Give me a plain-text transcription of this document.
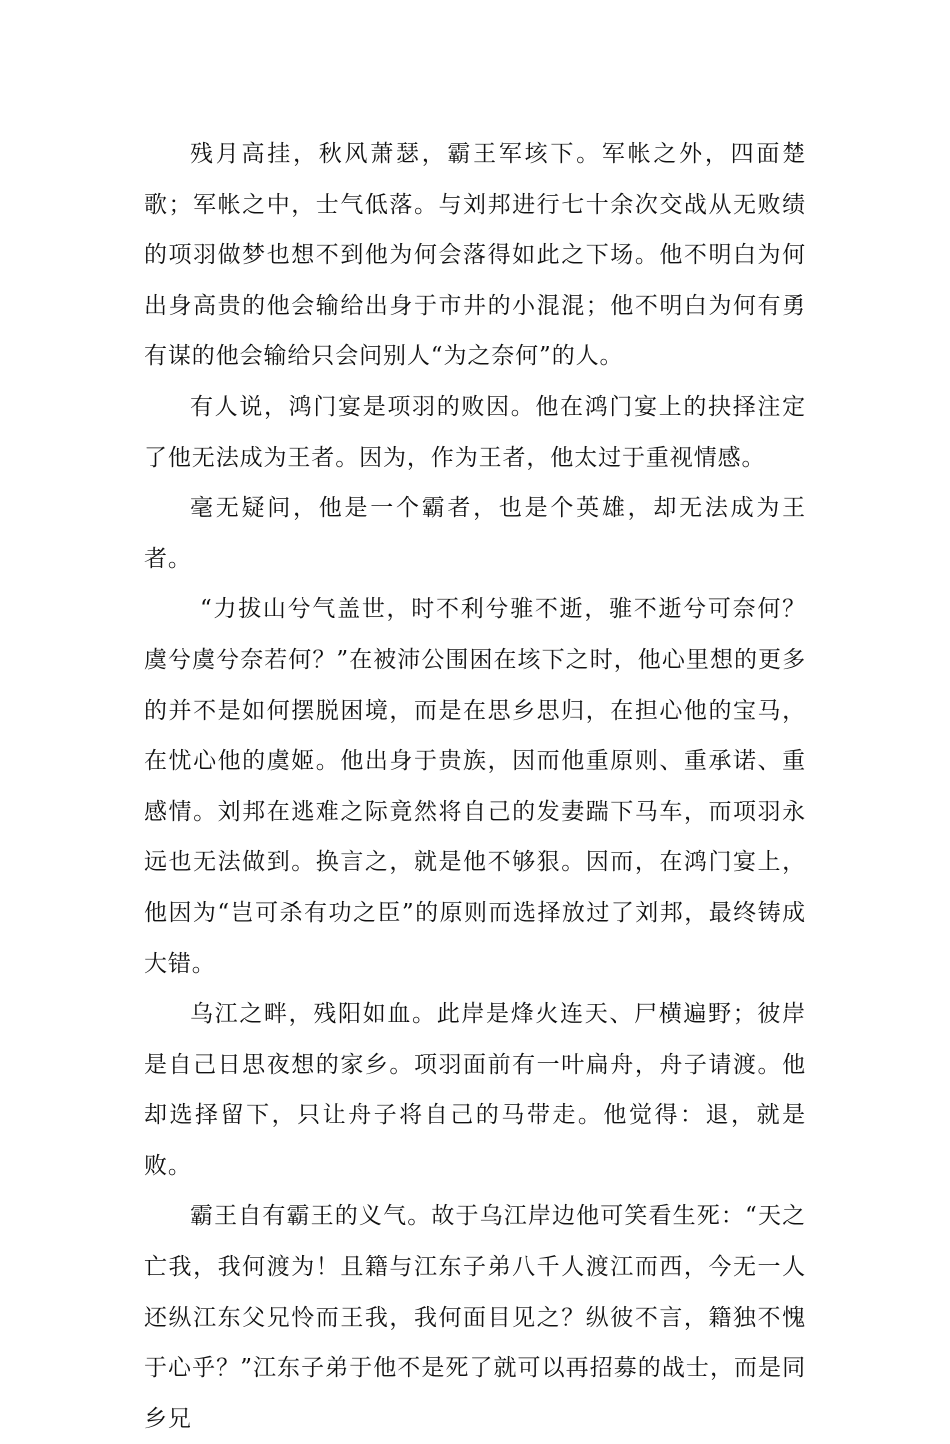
残月高挂，秋风萧瑟，霸王军垓下。军帐之外，四面楚歌；军帐之中，士气低落。与刘邦进行七十余次交战从无败绩的项羽做梦也想不到他为何会落得如此之下场。他不明白为何出身高贵的他会输给出身于市井的小混混；他不明白为何有勇有谋的他会输给只会问别人“为之奈何”的人。

有人说，鸿门宴是项羽的败因。他在鸿门宴上的抉择注定了他无法成为王者。因为，作为王者，他太过于重视情感。

毫无疑问，他是一个霸者，也是个英雄，却无法成为王者。

“力拔山兮气盖世，时不利兮骓不逝，骓不逝兮可奈何？虞兮虞兮奈若何？”在被沛公围困在垓下之时，他心里想的更多的并不是如何摆脱困境，而是在思乡思归，在担心他的宝马，在忧心他的虞姬。他出身于贵族，因而他重原则、重承诺、重感情。刘邦在逃难之际竟然将自己的发妻踹下马车，而项羽永远也无法做到。换言之，就是他不够狠。因而，在鸿门宴上，他因为“岂可杀有功之臣”的原则而选择放过了刘邦，最终铸成大错。

乌江之畔，残阳如血。此岸是烽火连天、尸横遍野；彼岸是自己日思夜想的家乡。项羽面前有一叶扁舟，舟子请渡。他却选择留下，只让舟子将自己的马带走。他觉得：退，就是败。

霸王自有霸王的义气。故于乌江岸边他可笑看生死：“天之亡我，我何渡为！且籍与江东子弟八千人渡江而西，今无一人还纵江东父兄怜而王我，我何面目见之？纵彼不言，籍独不愧于心乎？”江东子弟于他不是死了就可以再招募的战士，而是同乡兄
